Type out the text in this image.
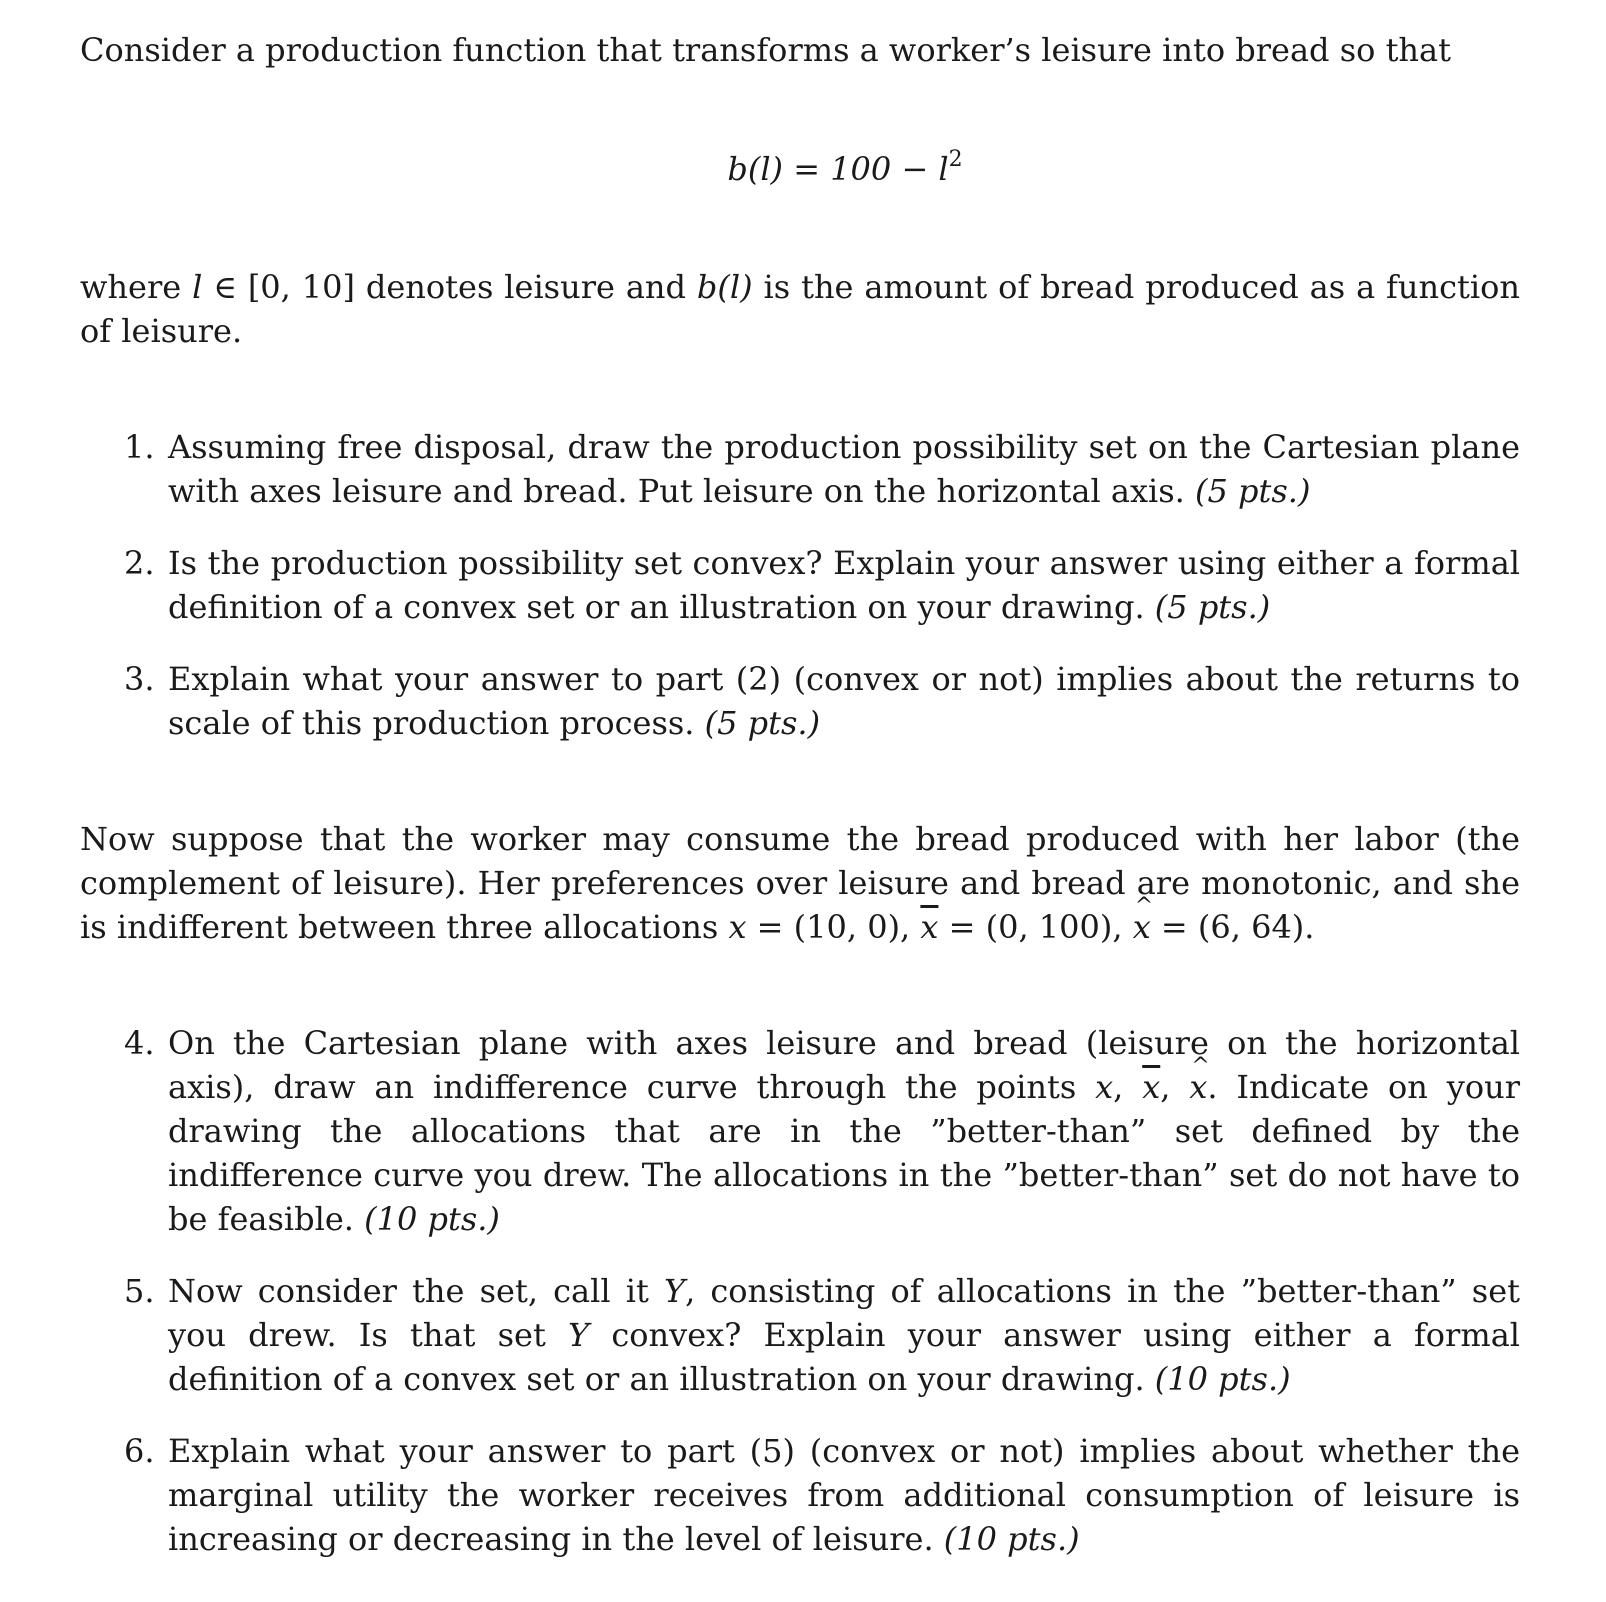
Consider a production function that transforms a worker’s leisure into bread so that

$b(l) = 100 - l^2$

where l ∈ [0, 10] denotes leisure and b(l) is the amount of bread produced as a function of leisure.

1. Assuming free disposal, draw the production possibility set on the Cartesian plane with axes leisure and bread. Put leisure on the horizontal axis. (5 pts.)
2. Is the production possibility set convex? Explain your answer using either a formal definition of a convex set or an illustration on your drawing. (5 pts.)
3. Explain what your answer to part (2) (convex or not) implies about the returns to scale of this production process. (5 pts.)

Now suppose that the worker may consume the bread produced with her labor (the complement of leisure). Her preferences over leisure and bread are monotonic, and she is indifferent between three allocations x = (10, 0), $\overline{x} = (0$, 100), x ^ = (6, 64).

4. On the Cartesian plane with axes leisure and bread (leisure on the horizontal axis), draw an indifference curve through the points x, $\overline{x}$, x ^. Indicate on your drawing the allocations that are in the ”better-than” set defined by the indifference curve you drew. The allocations in the ”better-than” set do not have to be feasible. (10 pts.)
5. Now consider the set, call it Y, consisting of allocations in the ”better-than” set you drew. Is that set Y convex? Explain your answer using either a formal definition of a convex set or an illustration on your drawing. (10 pts.)
6. Explain what your answer to part (5) (convex or not) implies about whether the marginal utility the worker receives from additional consumption of leisure is increasing or decreasing in the level of leisure. (10 pts.)
